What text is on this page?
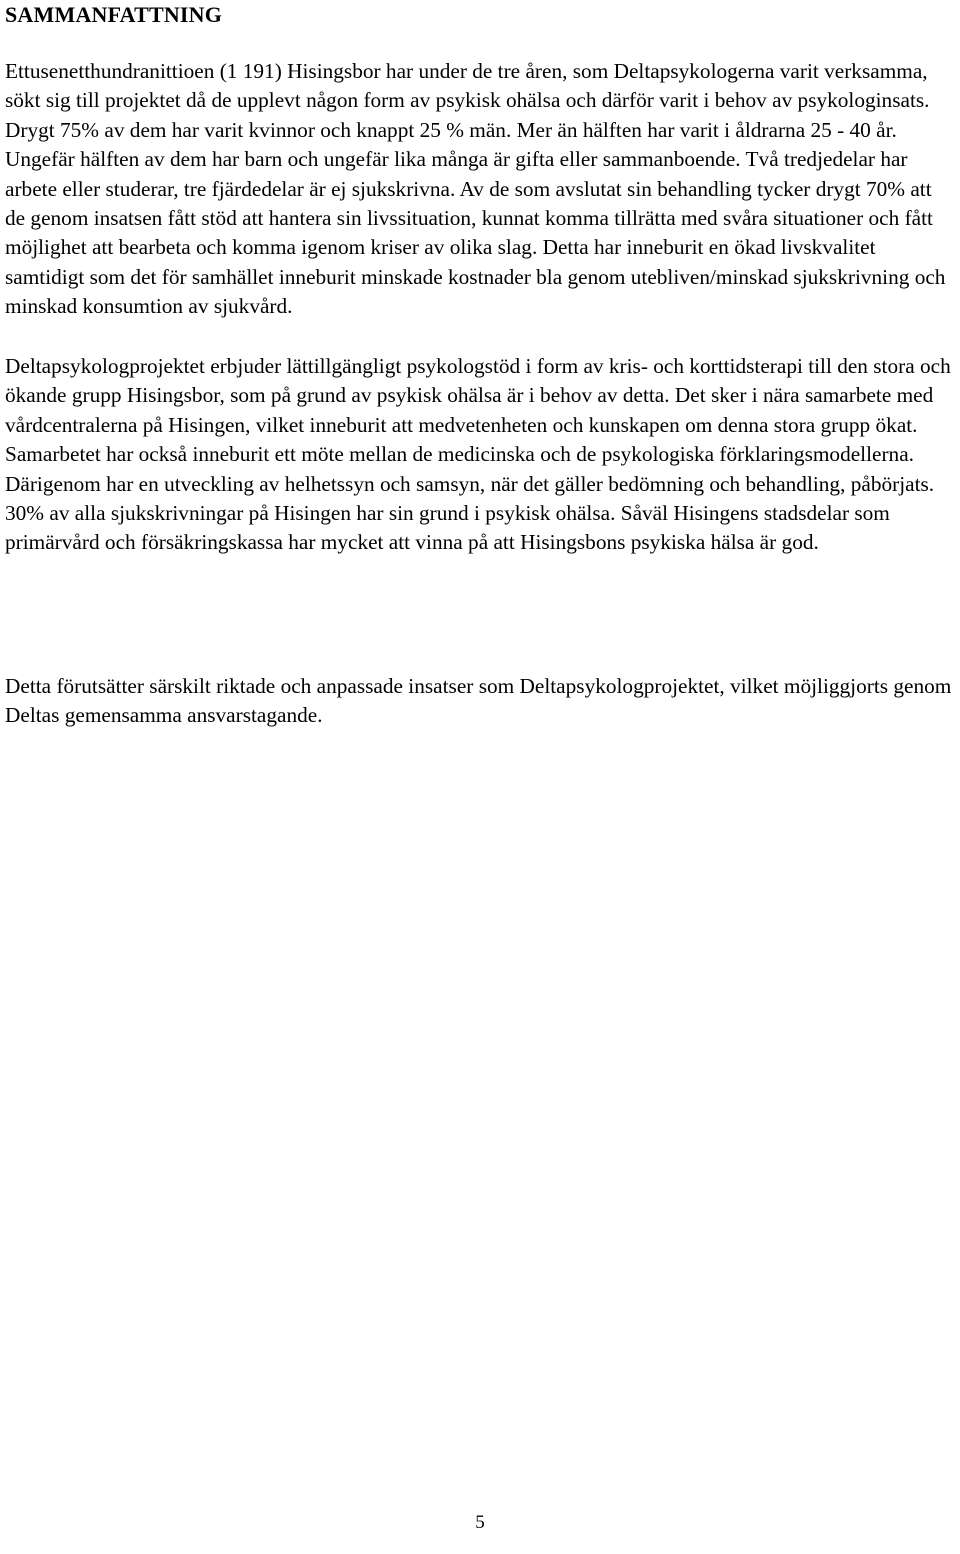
SAMMANFATTNING

Ettusenetthundranittioen (1 191) Hisingsbor har under de tre åren, som Deltapsykologerna varit verksamma, sökt sig till projektet då de upplevt någon form av psykisk ohälsa och därför varit i behov av psykologinsats. Drygt 75% av dem har varit kvinnor och knappt 25 % män. Mer än hälften har varit i åldrarna 25 - 40 år. Ungefär hälften av dem har barn och ungefär lika många är gifta eller sammanboende. Två tredjedelar har arbete eller studerar, tre fjärdedelar är ej sjukskrivna. Av de som avslutat sin behandling tycker drygt 70% att de genom insatsen fått stöd att hantera sin livssituation, kunnat komma tillrätta med svåra situationer och fått möjlighet att bearbeta och komma igenom kriser av olika slag. Detta har inneburit en ökad livskvalitet samtidigt som det för samhället inneburit minskade kostnader bla genom utebliven/minskad sjukskrivning och minskad konsumtion av sjukvård.

Deltapsykologprojektet erbjuder lättillgängligt psykologstöd i form av kris- och korttidsterapi till den stora och ökande grupp Hisingsbor, som på grund av psykisk ohälsa är i behov av detta. Det sker i nära samarbete med vårdcentralerna på Hisingen, vilket inneburit att medvetenheten och kunskapen om denna stora grupp ökat. Samarbetet har också inneburit ett möte mellan de medicinska och de psykologiska förklaringsmodellerna. Därigenom har en utveckling av helhetssyn och samsyn, när det gäller bedömning och behandling, påbörjats. 30% av alla sjukskrivningar på Hisingen har sin grund i psykisk ohälsa. Såväl Hisingens stadsdelar som primärvård och försäkringskassa har mycket att vinna på att Hisingsbons psykiska hälsa är god.

Detta förutsätter särskilt riktade och anpassade insatser som Deltapsykologprojektet, vilket möjliggjorts genom Deltas gemensamma ansvarstagande.

5
